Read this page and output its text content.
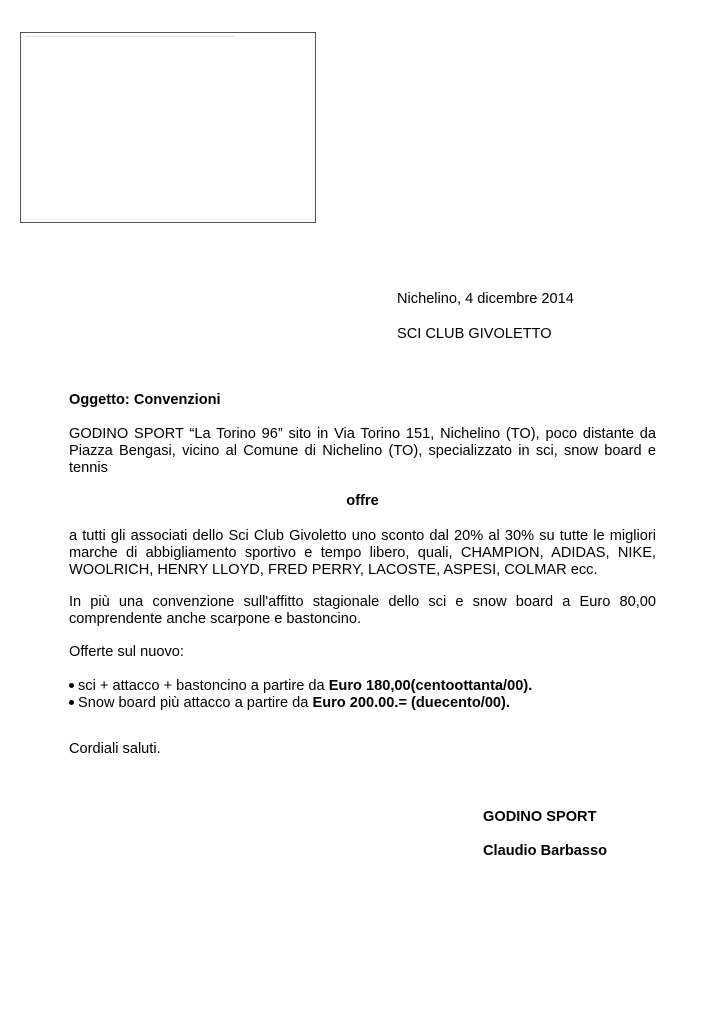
Nichelino, 4 dicembre 2014
SCI CLUB GIVOLETTO
Oggetto: Convenzioni
GODINO SPORT “La Torino 96” sito in Via Torino 151, Nichelino (TO), poco distante da Piazza Bengasi, vicino al Comune di Nichelino (TO), specializzato in sci, snow board e tennis
offre
a tutti gli associati dello Sci Club Givoletto uno sconto dal 20% al 30% su tutte le migliori marche di abbigliamento sportivo e tempo libero, quali, CHAMPION, ADIDAS, NIKE, WOOLRICH, HENRY LLOYD, FRED PERRY, LACOSTE, ASPESI, COLMAR ecc.
In più una convenzione sull'affitto stagionale dello sci e snow board a Euro 80,00 comprendente anche scarpone e bastoncino.
Offerte sul nuovo:
sci + attacco + bastoncino a partire da Euro 180,00(centoottanta/00).
Snow board più attacco a partire da Euro 200.00.= (duecento/00).
Cordiali saluti.
GODINO SPORT
Claudio Barbasso
